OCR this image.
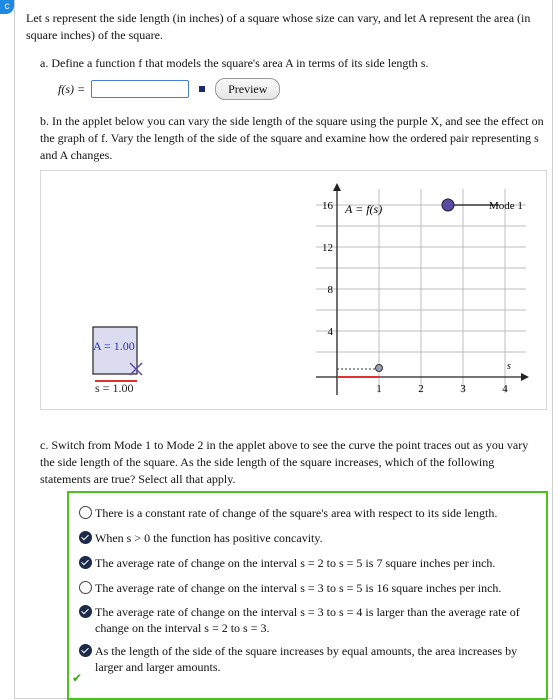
c
Let s represent the side length (in inches) of a square whose size can vary, and let A represent the area (in square inches) of the square.
a. Define a function f that models the square's area A in terms of its side length s.
f(s) =	Preview
b. In the applet below you can vary the side length of the square using the purple X, and see the effect on the graph of f. Vary the length of the side of the square and examine how the ordered pair representing s and A changes.
A = 1.00
s = 1.00
16
12
8
4
1	2	3	4
s
A = f(s)	Mode 1
c. Switch from Mode 1 to Mode 2 in the applet above to see the curve the point traces out as you vary the side length of the square. As the side length of the square increases, which of the following statements are true? Select all that apply.
There is a constant rate of change of the square's area with respect to its side length.
When s > 0 the function has positive concavity.
The average rate of change on the interval s = 2 to s = 5 is 7 square inches per inch.
The average rate of change on the interval s = 3 to s = 5 is 16 square inches per inch.
The average rate of change on the interval s = 3 to s = 4 is larger than the average rate of change on the interval s = 2 to s = 3.
As the length of the side of the square increases by equal amounts, the area increases by larger and larger amounts.
✔
